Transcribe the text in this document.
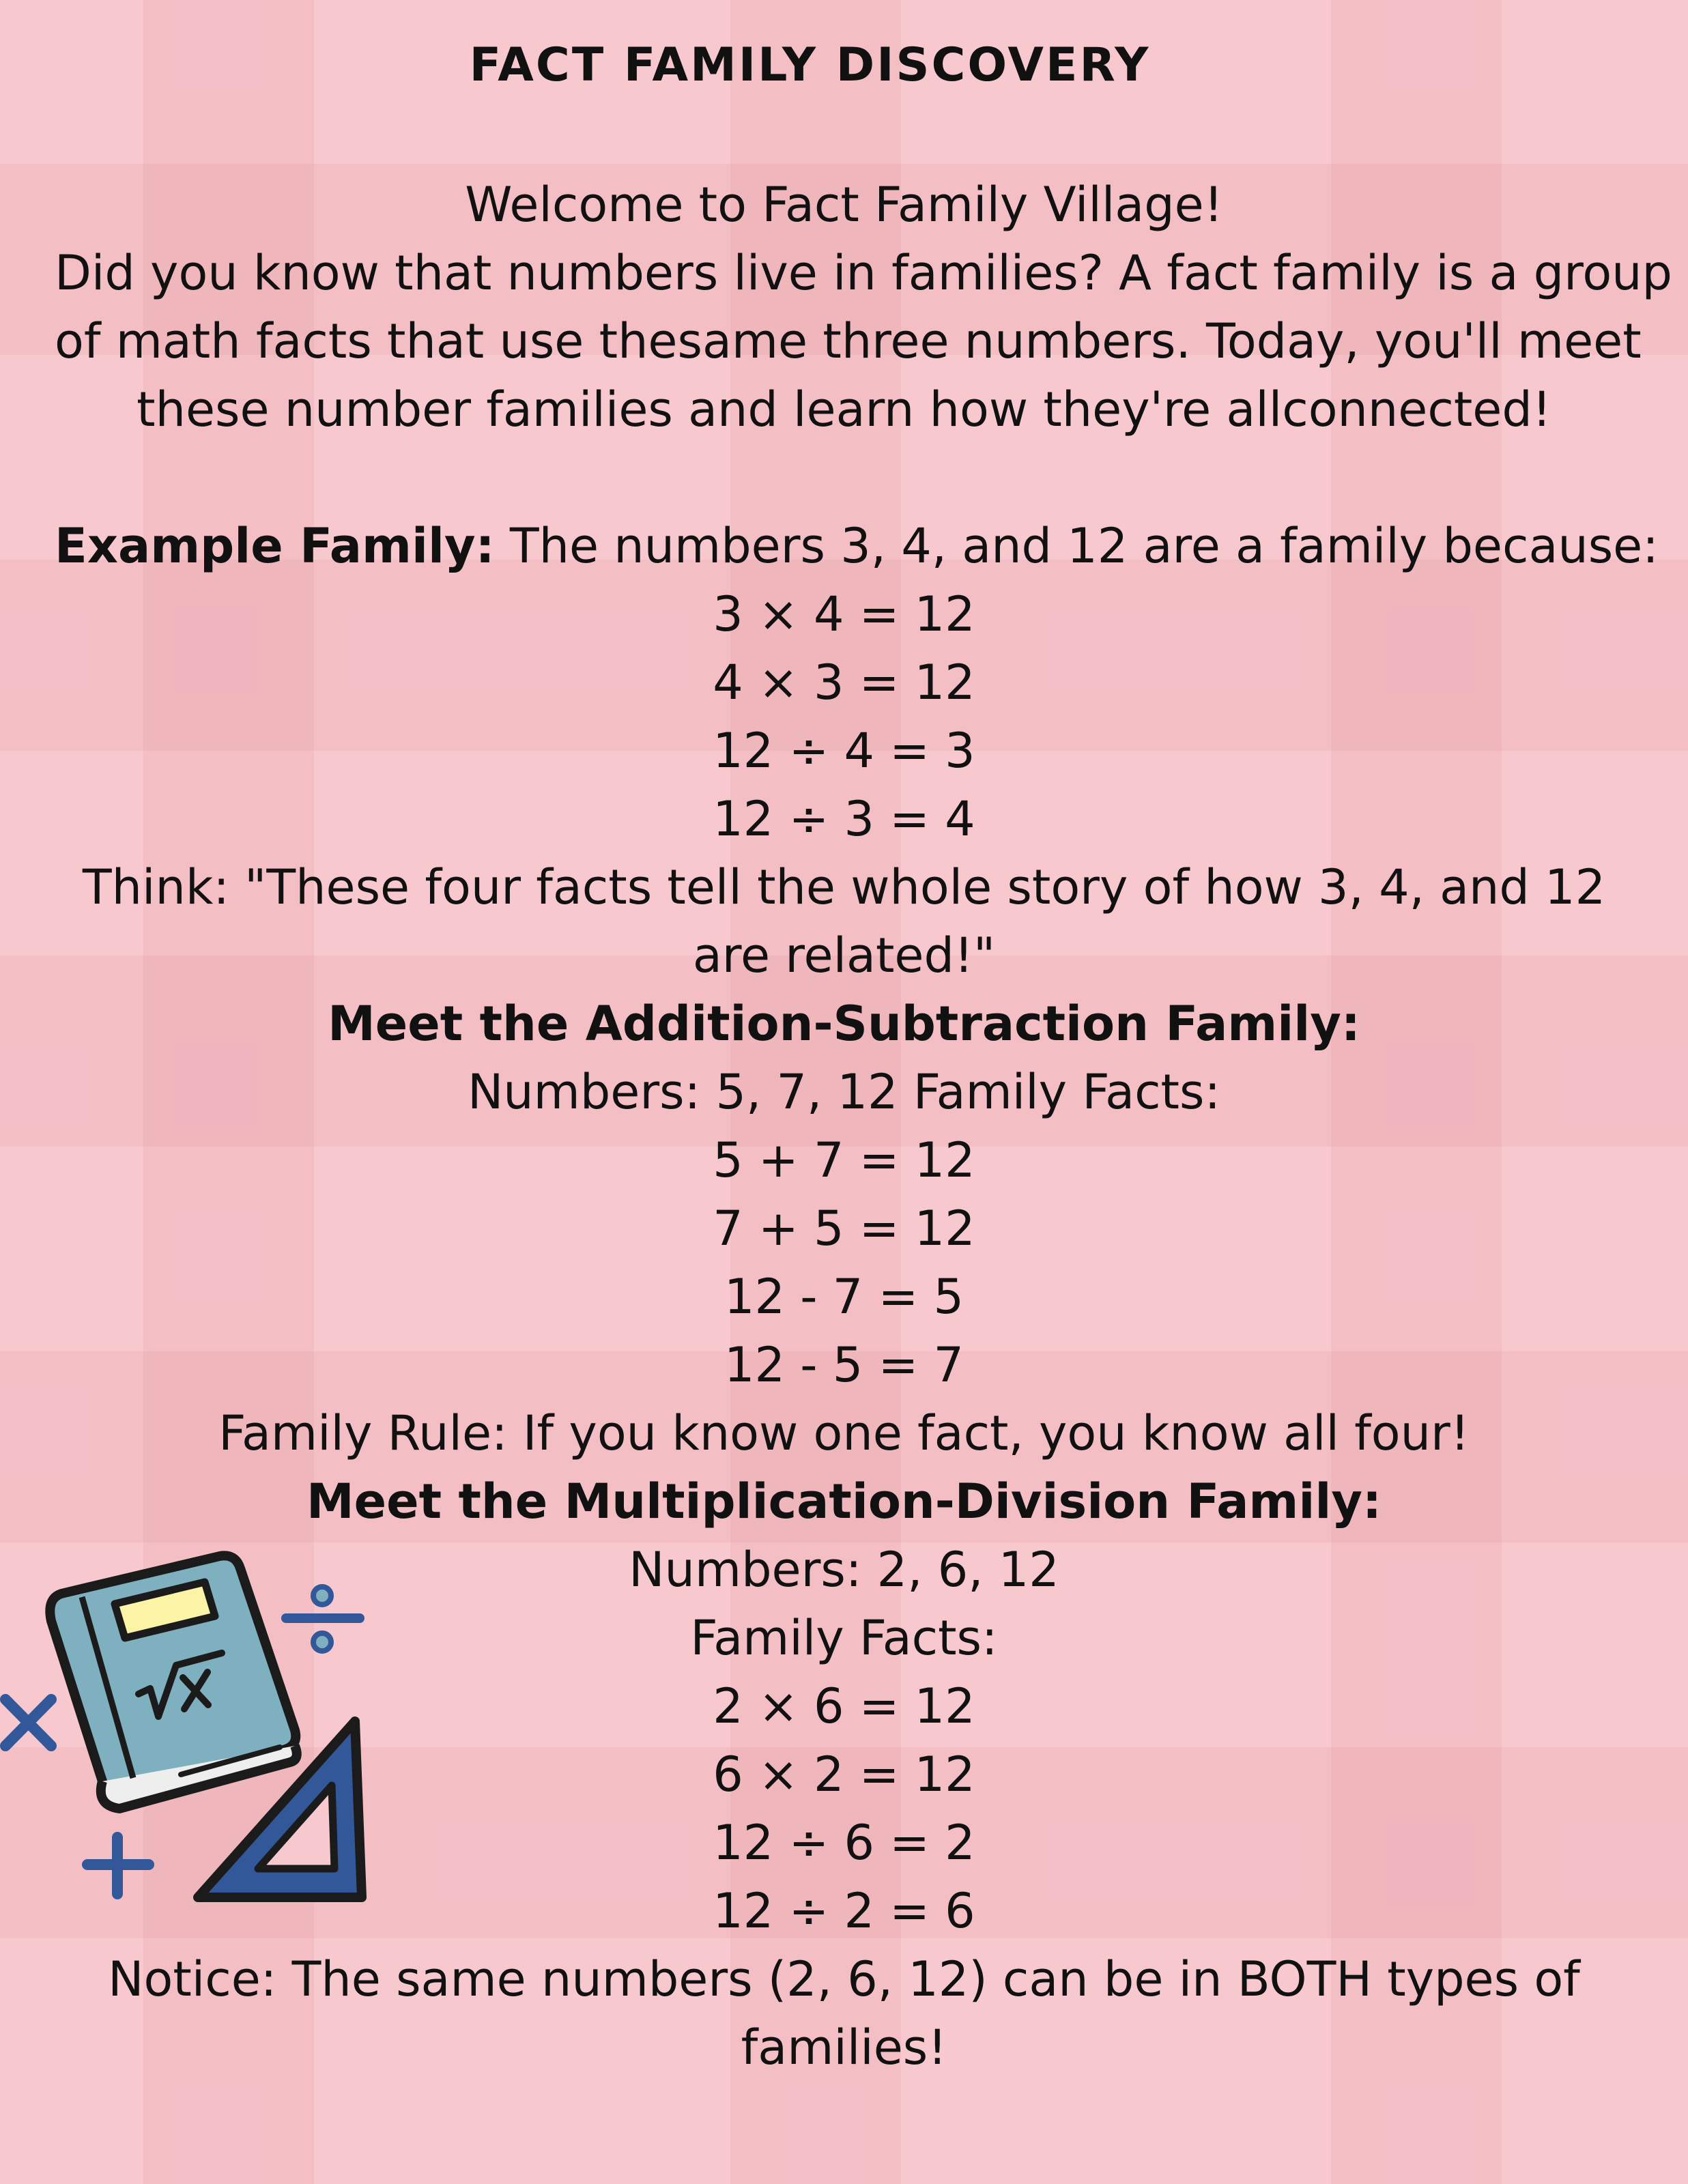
FACT FAMILY DISCOVERY
Welcome to Fact Family Village!
Did you know that numbers live in families? A fact family is a group
of math facts that use thesame three numbers. Today, you'll meet
these number families and learn how they're allconnected!
Example Family: The numbers 3, 4, and 12 are a family because:
3 × 4 = 12
4 × 3 = 12
12 ÷ 4 = 3
12 ÷ 3 = 4
Think: "These four facts tell the whole story of how 3, 4, and 12
are related!"
Meet the Addition-Subtraction Family:
Numbers: 5, 7, 12 Family Facts:
5 + 7 = 12
7 + 5 = 12
12 - 7 = 5
12 - 5 = 7
Family Rule: If you know one fact, you know all four!
Meet the Multiplication-Division Family:
Numbers: 2, 6, 12
Family Facts:
2 × 6 = 12
6 × 2 = 12
12 ÷ 6 = 2
12 ÷ 2 = 6
Notice: The same numbers (2, 6, 12) can be in BOTH types of
families!
